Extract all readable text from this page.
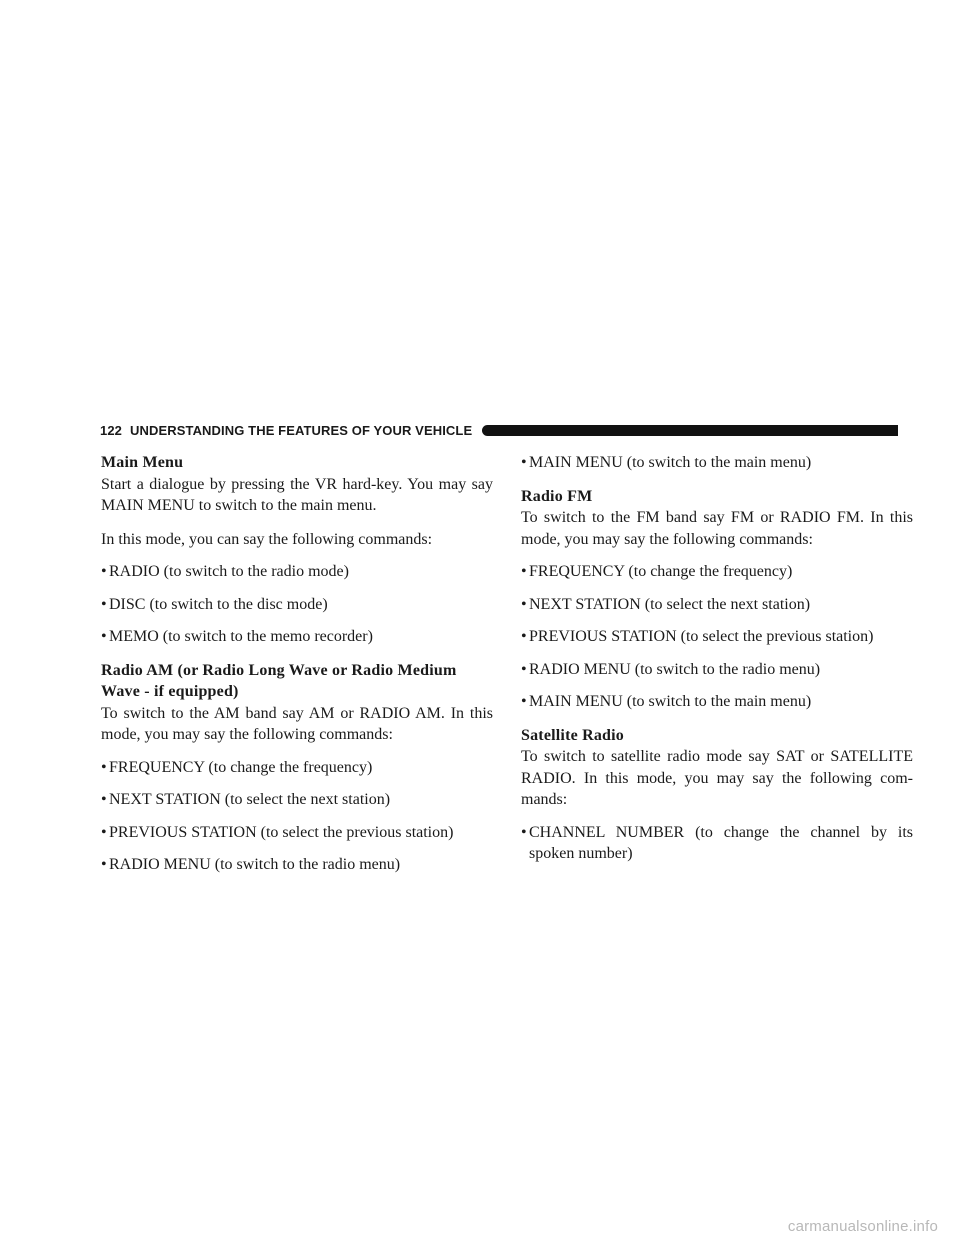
122 UNDERSTANDING THE FEATURES OF YOUR VEHICLE
Main Menu

Start a dialogue by pressing the VR hard-key. You may say MAIN MENU to switch to the main menu.

In this mode, you can say the following commands:

• RADIO (to switch to the radio mode)
• DISC (to switch to the disc mode)
• MEMO (to switch to the memo recorder)
Radio AM (or Radio Long Wave or Radio Medium Wave - if equipped)

To switch to the AM band say AM or RADIO AM. In this mode, you may say the following commands:

• FREQUENCY (to change the frequency)
• NEXT STATION (to select the next station)
• PREVIOUS STATION (to select the previous station)
• RADIO MENU (to switch to the radio menu)
• MAIN MENU (to switch to the main menu)
Radio FM

To switch to the FM band say FM or RADIO FM. In this mode, you may say the following commands:

• FREQUENCY (to change the frequency)
• NEXT STATION (to select the next station)
• PREVIOUS STATION (to select the previous station)
• RADIO MENU (to switch to the radio menu)
• MAIN MENU (to switch to the main menu)
Satellite Radio

To switch to satellite radio mode say SAT or SATELLITE RADIO. In this mode, you may say the following com-mands:

• CHANNEL NUMBER (to change the channel by its spoken number)
carmanualsonline.info
